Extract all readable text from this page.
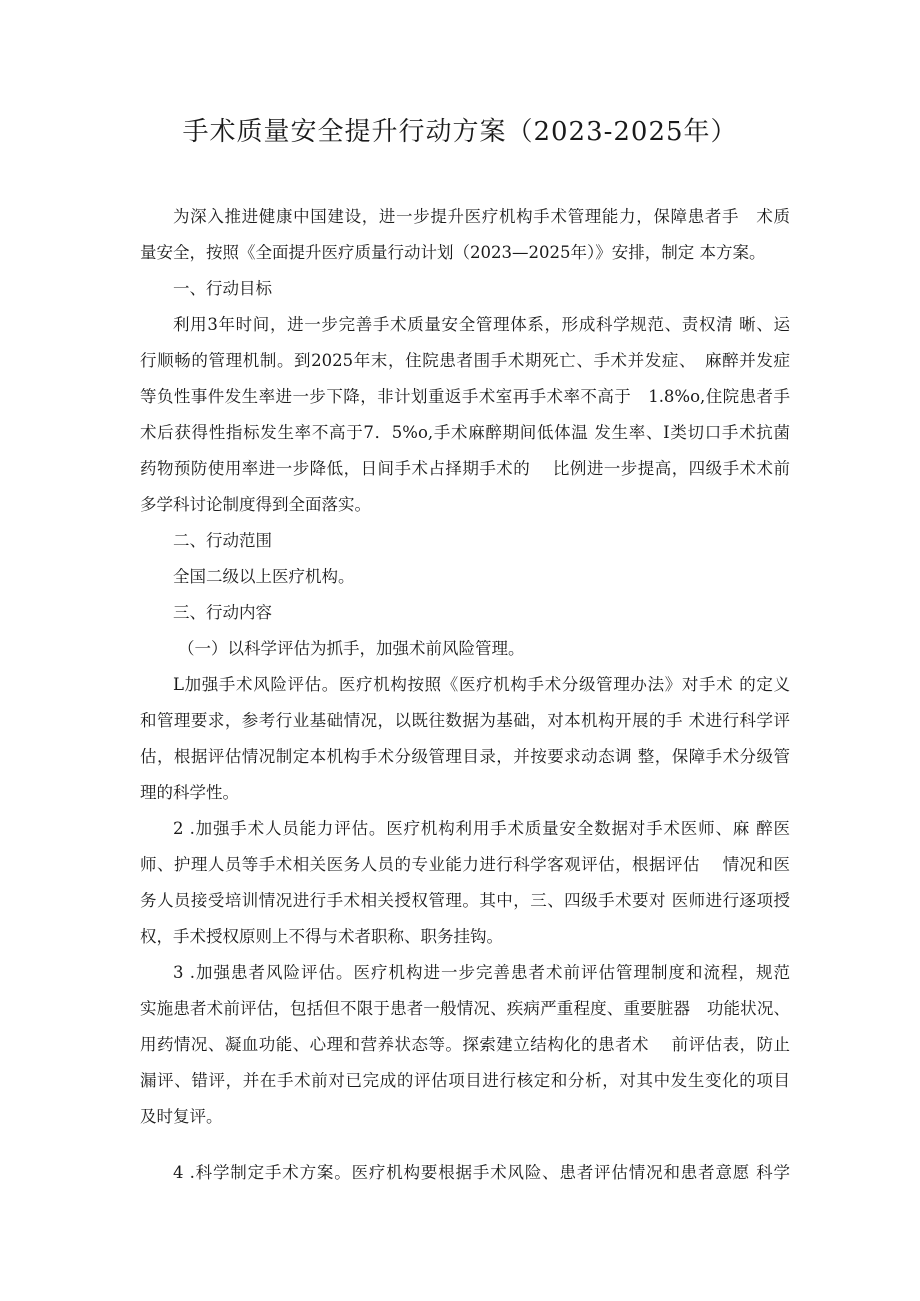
手术质量安全提升行动方案（2023-2025年）
为深入推进健康中国建设，进一步提升医疗机构手术管理能力，保障患者手　术质
量安全，按照《全面提升医疗质量行动计划（2023—2025年）》安排，制定 本方案。
一、行动目标
利用3年时间，进一步完善手术质量安全管理体系，形成科学规范、责权清 晰、运
行顺畅的管理机制。到2025年末，住院患者围手术期死亡、手术并发症、　麻醉并发症
等负性事件发生率进一步下降，非计划重返手术室再手术率不高于　1.8%o,住院患者手
术后获得性指标发生率不高于7．5%o,手术麻醉期间低体温 发生率、I类切口手术抗菌
药物预防使用率进一步降低，日间手术占择期手术的　 比例进一步提高，四级手术术前
多学科讨论制度得到全面落实。
二、行动范围
全国二级以上医疗机构。
三、行动内容
（一）以科学评估为抓手，加强术前风险管理。
L加强手术风险评估。医疗机构按照《医疗机构手术分级管理办法》对手术 的定义
和管理要求，参考行业基础情况，以既往数据为基础，对本机构开展的手 术进行科学评
估，根据评估情况制定本机构手术分级管理目录，并按要求动态调 整，保障手术分级管
理的科学性。
2 .加强手术人员能力评估。医疗机构利用手术质量安全数据对手术医师、麻 醉医
师、护理人员等手术相关医务人员的专业能力进行科学客观评估，根据评估　 情况和医
务人员接受培训情况进行手术相关授权管理。其中，三、四级手术要对 医师进行逐项授
权，手术授权原则上不得与术者职称、职务挂钩。
3 .加强患者风险评估。医疗机构进一步完善患者术前评估管理制度和流程，规范
实施患者术前评估，包括但不限于患者一般情况、疾病严重程度、重要脏器　功能状况、
用药情况、凝血功能、心理和营养状态等。探索建立结构化的患者术　 前评估表，防止
漏评、错评，并在手术前对已完成的评估项目进行核定和分析，对其中发生变化的项目
及时复评。
4 .科学制定手术方案。医疗机构要根据手术风险、患者评估情况和患者意愿 科学
